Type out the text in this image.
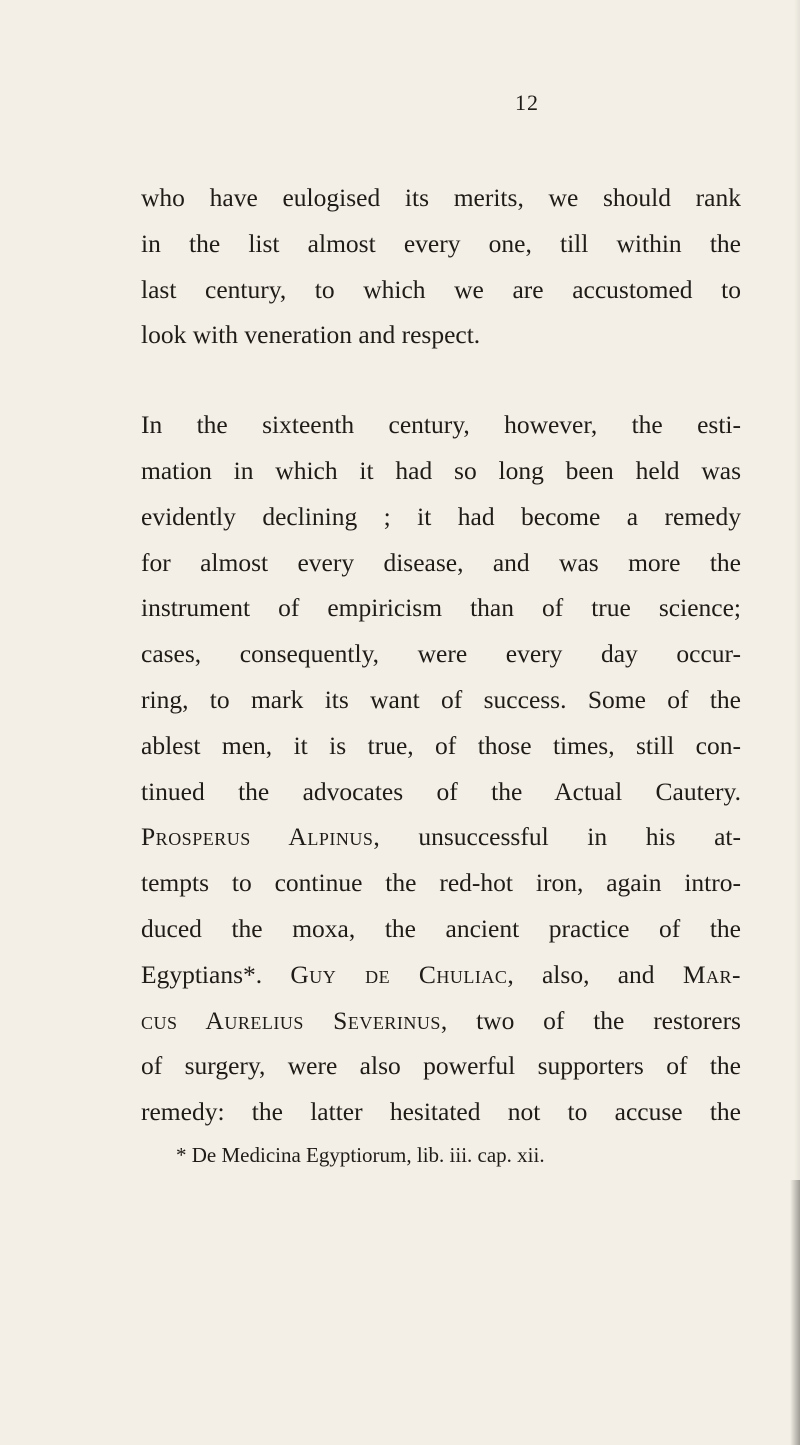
12

who have eulogised its merits, we should rank
in the list almost every one, till within the
last century, to which we are accustomed to
look with veneration and respect.

In the sixteenth century, however, the esti-
mation in which it had so long been held was
evidently declining ; it had become a remedy
for almost every disease, and was more the
instrument of empiricism than of true science;
cases, consequently, were every day occur-
ring, to mark its want of success. Some of the
ablest men, it is true, of those times, still con-
tinued the advocates of the Actual Cautery.
Prosperus Alpinus, unsuccessful in his at-
tempts to continue the red-hot iron, again intro-
duced the moxa, the ancient practice of the
Egyptians*. Guy de Chuliac, also, and Mar-
cus Aurelius Severinus, two of the restorers
of surgery, were also powerful supporters of the
remedy: the latter hesitated not to accuse the

* De Medicina Egyptiorum, lib. iii. cap. xii.
